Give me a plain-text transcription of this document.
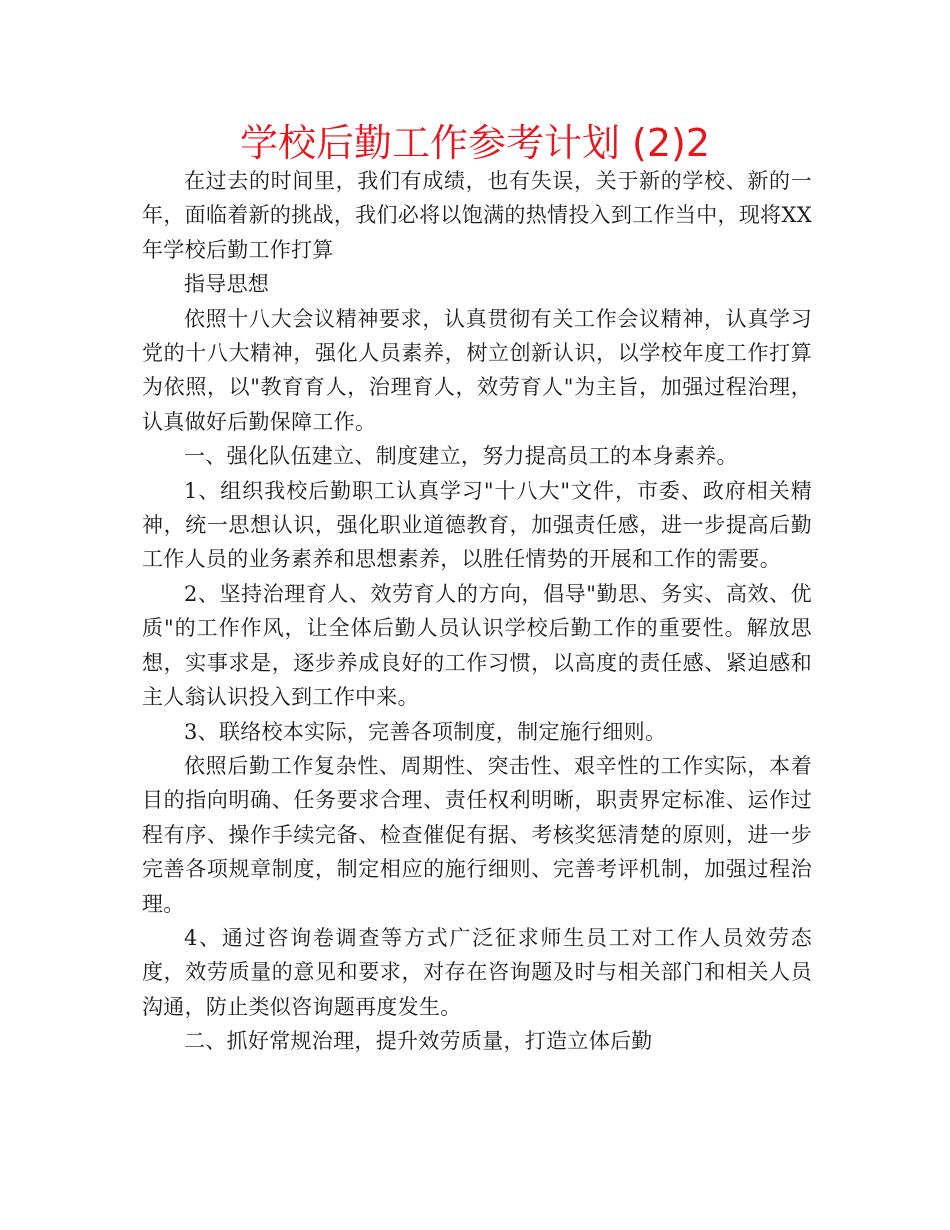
学校后勤工作参考计划 (2)2

在过去的时间里，我们有成绩，也有失误，关于新的学校、新的一年，面临着新的挑战，我们必将以饱满的热情投入到工作当中，现将XX年学校后勤工作打算

指导思想

依照十八大会议精神要求，认真贯彻有关工作会议精神，认真学习党的十八大精神，强化人员素养，树立创新认识，以学校年度工作打算为依照，以"教育育人，治理育人，效劳育人"为主旨，加强过程治理，认真做好后勤保障工作。

一、强化队伍建立、制度建立，努力提高员工的本身素养。

1、组织我校后勤职工认真学习"十八大"文件，市委、政府相关精神，统一思想认识，强化职业道德教育，加强责任感，进一步提高后勤工作人员的业务素养和思想素养，以胜任情势的开展和工作的需要。

2、坚持治理育人、效劳育人的方向，倡导"勤思、务实、高效、优质"的工作作风，让全体后勤人员认识学校后勤工作的重要性。解放思想，实事求是，逐步养成良好的工作习惯，以高度的责任感、紧迫感和主人翁认识投入到工作中来。

3、联络校本实际，完善各项制度，制定施行细则。

依照后勤工作复杂性、周期性、突击性、艰辛性的工作实际，本着目的指向明确、任务要求合理、责任权利明晰，职责界定标准、运作过程有序、操作手续完备、检查催促有据、考核奖惩清楚的原则，进一步完善各项规章制度，制定相应的施行细则、完善考评机制，加强过程治理。

4、通过咨询卷调查等方式广泛征求师生员工对工作人员效劳态度，效劳质量的意见和要求，对存在咨询题及时与相关部门和相关人员沟通，防止类似咨询题再度发生。

二、抓好常规治理，提升效劳质量，打造立体后勤
